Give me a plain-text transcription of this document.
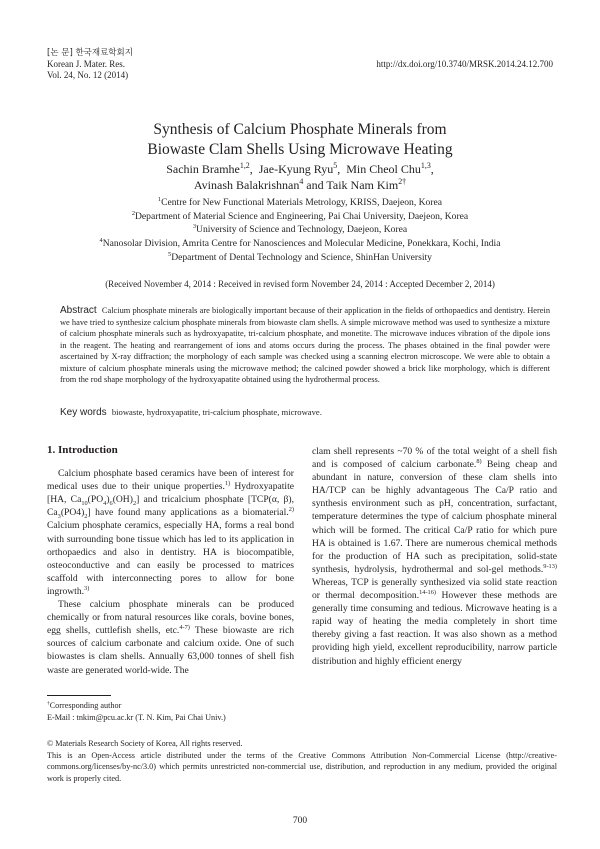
[논 문] 한국재료학회지
Korean J. Mater. Res.
Vol. 24, No. 12 (2014)
http://dx.doi.org/10.3740/MRSK.2014.24.12.700
Synthesis of Calcium Phosphate Minerals from
Biowaste Clam Shells Using Microwave Heating
Sachin Bramhe$^{1,2}$,  Jae-Kyung Ryu$^5$,  Min Cheol Chu$^{1,3}$,
Avinash Balakrishnan$^4$ and Taik Nam Kim$^{2\dagger}$
$^1$Centre for New Functional Materials Metrology, KRISS, Daejeon, Korea
$^2$Department of Material Science and Engineering, Pai Chai University, Daejeon, Korea
$^3$University of Science and Technology, Daejeon, Korea
$^4$Nanosolar Division, Amrita Centre for Nanosciences and Molecular Medicine, Ponekkara, Kochi, India
$^5$Department of Dental Technology and Science, ShinHan University
(Received November 4, 2014 : Received in revised form November 24, 2014 : Accepted December 2, 2014)
Abstract Calcium phosphate minerals are biologically important because of their application in the fields of orthopaedics and dentistry. Herein we have tried to synthesize calcium phosphate minerals from biowaste clam shells. A simple microwave method was used to synthesize a mixture of calcium phosphate minerals such as hydroxyapatite, tri-calcium phosphate, and monetite. The microwave induces vibration of the dipole ions in the reagent. The heating and rearrangement of ions and atoms occurs during the process. The phases obtained in the final powder were ascertained by X-ray diffraction; the morphology of each sample was checked using a scanning electron microscope. We were able to obtain a mixture of calcium phosphate minerals using the microwave method; the calcined powder showed a brick like morphology, which is different from the rod shape morphology of the hydroxyapatite obtained using the hydrothermal process.
Key words biowaste, hydroxyapatite, tri-calcium phosphate, microwave.
1. Introduction

Calcium phosphate based ceramics have been of interest for medical uses due to their unique properties.$^{1)}$ Hydroxyapatite [HA, $Ca_{10}(PO_4)_6(OH)_2$] and tricalcium phosphate [TCP(α, β), $Ca_3(PO4)_2$] have found many applications as a biomaterial.$^{2)}$ Calcium phosphate ceramics, especially HA, forms a real bond with surrounding bone tissue which has led to its application in orthopaedics and also in dentistry. HA is biocompatible, osteoconductive and can easily be processed to matrices scaffold with interconnecting pores to allow for bone ingrowth.$^{3)}$

These calcium phosphate minerals can be produced chemically or from natural resources like corals, bovine bones, egg shells, cuttlefish shells, etc.$^{4-7)}$ These biowaste are rich sources of calcium carbonate and calcium oxide. One of such biowastes is clam shells. Annually 63,000 tonnes of shell fish waste are generated world-wide. The

clam shell represents ~70 % of the total weight of a shell fish and is composed of calcium carbonate.$^{8)}$ Being cheap and abundant in nature, conversion of these clam shells into HA/TCP can be highly advantageous The Ca/P ratio and synthesis environment such as pH, concentration, surfactant, temperature determines the type of calcium phosphate mineral which will be formed. The critical Ca/P ratio for which pure HA is obtained is 1.67. There are numerous chemical methods for the production of HA such as precipitation, solid-state synthesis, hydrolysis, hydrothermal and sol-gel methods.$^{9-13)}$ Whereas, TCP is generally synthesized via solid state reaction or thermal decomposition.$^{14-16)}$ However these methods are generally time consuming and tedious. Microwave heating is a rapid way of heating the media completely in short time thereby giving a fast reaction. It was also shown as a method providing high yield, excellent reproducibility, narrow particle distribution and highly efficient energy

†Corresponding author
E-Mail : tnkim@pcu.ac.kr (T. N. Kim, Pai Chai Univ.)
© Materials Research Society of Korea, All rights reserved.
This is an Open-Access article distributed under the terms of the Creative Commons Attribution Non-Commercial License (http://creative-commons.org/licenses/by-nc/3.0) which permits unrestricted non-commercial use, distribution, and reproduction in any medium, provided the original work is properly cited.
700
